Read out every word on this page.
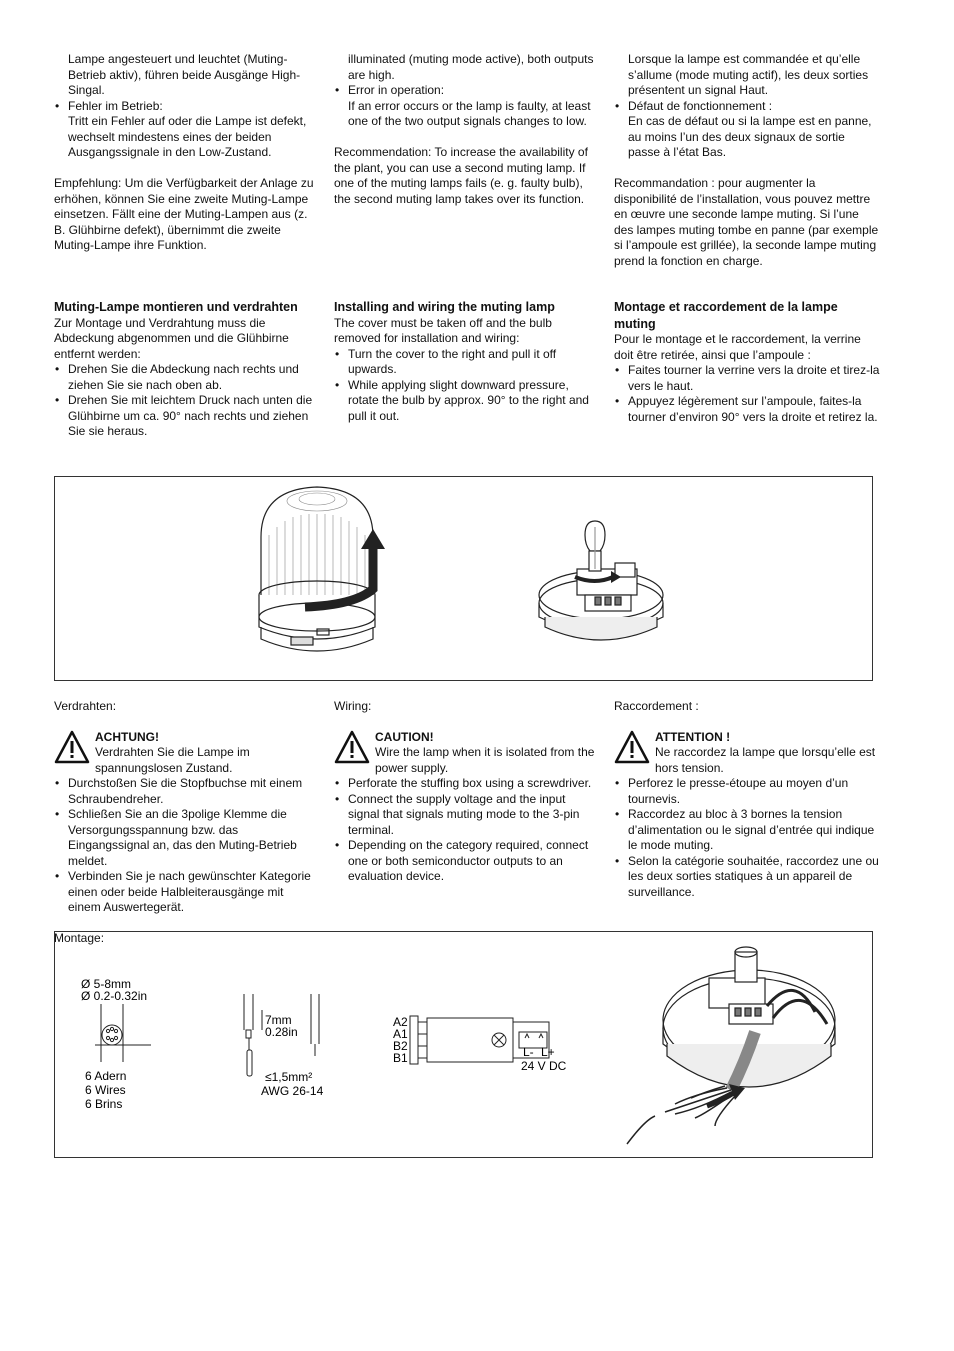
Lampe angesteuert und leuchtet (Muting-Betrieb aktiv), führen beide Ausgänge High-Singal.

• Fehler im Betrieb:
Tritt ein Fehler auf oder die Lampe ist defekt, wechselt mindestens eines der beiden Ausgangssignale in den Low-Zustand.

Empfehlung: Um die Verfügbarkeit der Anlage zu erhöhen, können Sie eine zweite Muting-Lampe einsetzen. Fällt eine der Muting-Lampen aus (z. B. Glühbirne defekt), übernimmt die zweite Muting-Lampe ihre Funktion.

illuminated (muting mode active), both outputs are high.

• Error in operation:
If an error occurs or the lamp is faulty, at least one of the two output signals changes to low.

Recommendation: To increase the availability of the plant, you can use a second muting lamp. If one of the muting lamps fails (e. g. faulty bulb), the second muting lamp takes over its function.

Lorsque la lampe est commandée et qu’elle s’allume (mode muting actif), les deux sorties présentent un signal Haut.

• Défaut de fonctionnement :
En cas de défaut ou si la lampe est en panne, au moins l’un des deux signaux de sortie passe à l’état Bas.

Recommandation : pour augmenter la disponibilité de l’installation, vous pouvez mettre en œuvre une seconde lampe muting. Si l’une des lampes muting tombe en panne (par exemple si l’ampoule est grillée), la seconde lampe muting prend la fonction en charge.

Muting-Lampe montieren und verdrahten

Zur Montage und Verdrahtung muss die Abdeckung abgenommen und die Glühbirne entfernt werden:

• Drehen Sie die Abdeckung nach rechts und ziehen Sie sie nach oben ab.
• Drehen Sie mit leichtem Druck nach unten die Glühbirne um ca. 90° nach rechts und ziehen Sie sie heraus.
Installing and wiring the muting lamp

The cover must be taken off and the bulb removed for installation and wiring:

• Turn the cover to the right and pull it off upwards.
• While applying slight downward pressure, rotate the bulb by approx. 90° to the right and pull it out.
Montage et raccordement de la lampe muting

Pour le montage et le raccordement, la verrine doit être retirée, ainsi que l’ampoule :

• Faites tourner la verrine vers la droite et tirez-la vers le haut.
• Appuyez légèrement sur l’ampoule, faites-la tourner d’environ 90° vers la droite et retirez la.

Verdrahten:

ACHTUNG!
Verdrahten Sie die Lampe im spannungslosen Zustand.
• Durchstoßen Sie die Stopfbuchse mit einem Schraubendreher.
• Schließen Sie an die 3polige Klemme die Versorgungsspannung bzw. das Eingangssignal an, das den Muting-Betrieb meldet.
• Verbinden Sie je nach gewünschter Kategorie einen oder beide Halbleiterausgänge mit einem Auswertegerät.

Montage:

Wiring:

CAUTION!
Wire the lamp when it is isolated from the power supply.
• Perforate the stuffing box using a screwdriver.
• Connect the supply voltage and the input signal that signals muting mode to the 3-pin terminal.
• Depending on the category required, connect one or both semiconductor outputs to an evaluation device.

Raccordement :

ATTENTION !
Ne raccordez la lampe que lorsqu’elle est hors tension.
• Perforez le presse-étoupe au moyen d’un tournevis.
• Raccordez au bloc à 3 bornes la tension d’alimentation ou le signal d’entrée qui indique le mode muting.
• Selon la catégorie souhaitée, raccordez une ou les deux sorties statiques à un appareil de surveillance.
Ø 5-8mm
Ø 0.2-0.32in
6 Adern
6 Wires
6 Brins
7mm
0.28in
≤1,5mm²
AWG 26-14
A2
A1
B2
B1	L- L+
24 V DC
